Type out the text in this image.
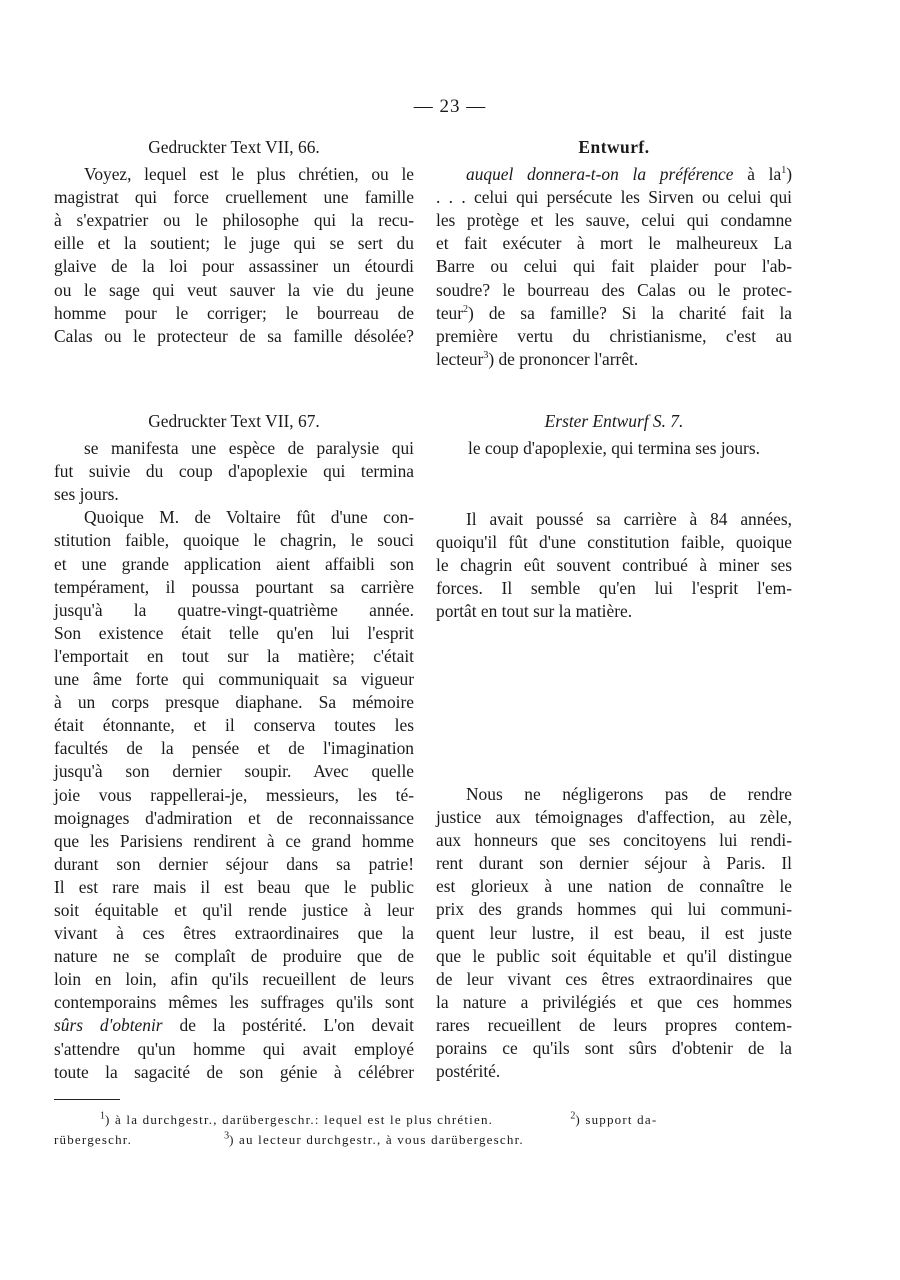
— 23 —
Gedruckter Text VII, 66.
Voyez, lequel est le plus chrétien, ou le
magistrat qui force cruellement une famille
à s'expatrier ou le philosophe qui la recu-
eille et la soutient; le juge qui se sert du
glaive de la loi pour assassiner un étourdi
ou le sage qui veut sauver la vie du jeune
homme pour le corriger; le bourreau de
Calas ou le protecteur de sa famille désolée?
Entwurf.
auquel donnera-t-on la préférence à $la^1$)
. . . celui qui persécute les Sirven ou celui qui
les protège et les sauve, celui qui condamne
et fait exécuter à mort le malheureux La
Barre ou celui qui fait plaider pour l'ab-
soudre? le bourreau des Calas ou le protec-
teur$^2$) de sa famille? Si la charité fait la
première vertu du christianisme, c'est au
lecteur$^3$) de prononcer l'arrêt.
Gedruckter Text VII, 67.
se manifesta une espèce de paralysie qui
fut suivie du coup d'apoplexie qui termina
ses jours.
Quoique M. de Voltaire fût d'une con-
stitution faible, quoique le chagrin, le souci
et une grande application aient affaibli son
tempérament, il poussa pourtant sa carrière
jusqu'à la quatre-vingt-quatrième année.
Son existence était telle qu'en lui l'esprit
l'emportait en tout sur la matière; c'était
une âme forte qui communiquait sa vigueur
à un corps presque diaphane. Sa mémoire
était étonnante, et il conserva toutes les
facultés de la pensée et de l'imagination
jusqu'à son dernier soupir. Avec quelle
joie vous rappellerai-je, messieurs, les té-
moignages d'admiration et de reconnaissance
que les Parisiens rendirent à ce grand homme
durant son dernier séjour dans sa patrie!
Il est rare mais il est beau que le public
soit équitable et qu'il rende justice à leur
vivant à ces êtres extraordinaires que la
nature ne se complaît de produire que de
loin en loin, afin qu'ils recueillent de leurs
contemporains mêmes les suffrages qu'ils sont
sûrs d'obtenir de la postérité. L'on devait
s'attendre qu'un homme qui avait employé
toute la sagacité de son génie à célébrer
Erster Entwurf S. 7.
le coup d'apoplexie, qui termina ses jours.
Il avait poussé sa carrière à 84 années,
quoiqu'il fût d'une constitution faible, quoique
le chagrin eût souvent contribué à miner ses
forces. Il semble qu'en lui l'esprit l'em-
portât en tout sur la matière.
Nous ne négligerons pas de rendre
justice aux témoignages d'affection, au zèle,
aux honneurs que ses concitoyens lui rendi-
rent durant son dernier séjour à Paris. Il
est glorieux à une nation de connaître le
prix des grands hommes qui lui communi-
quent leur lustre, il est beau, il est juste
que le public soit équitable et qu'il distingue
de leur vivant ces êtres extraordinaires que
la nature a privilégiés et que ces hommes
rares recueillent de leurs propres contem-
porains ce qu'ils sont sûrs d'obtenir de la
postérité.
$^1$) à la durchgestr., darübergeschr.: lequel est le plus chrétien.	$^2$) support da-
rübergeschr.	$^3$) au lecteur durchgestr., à vous darübergeschr.
